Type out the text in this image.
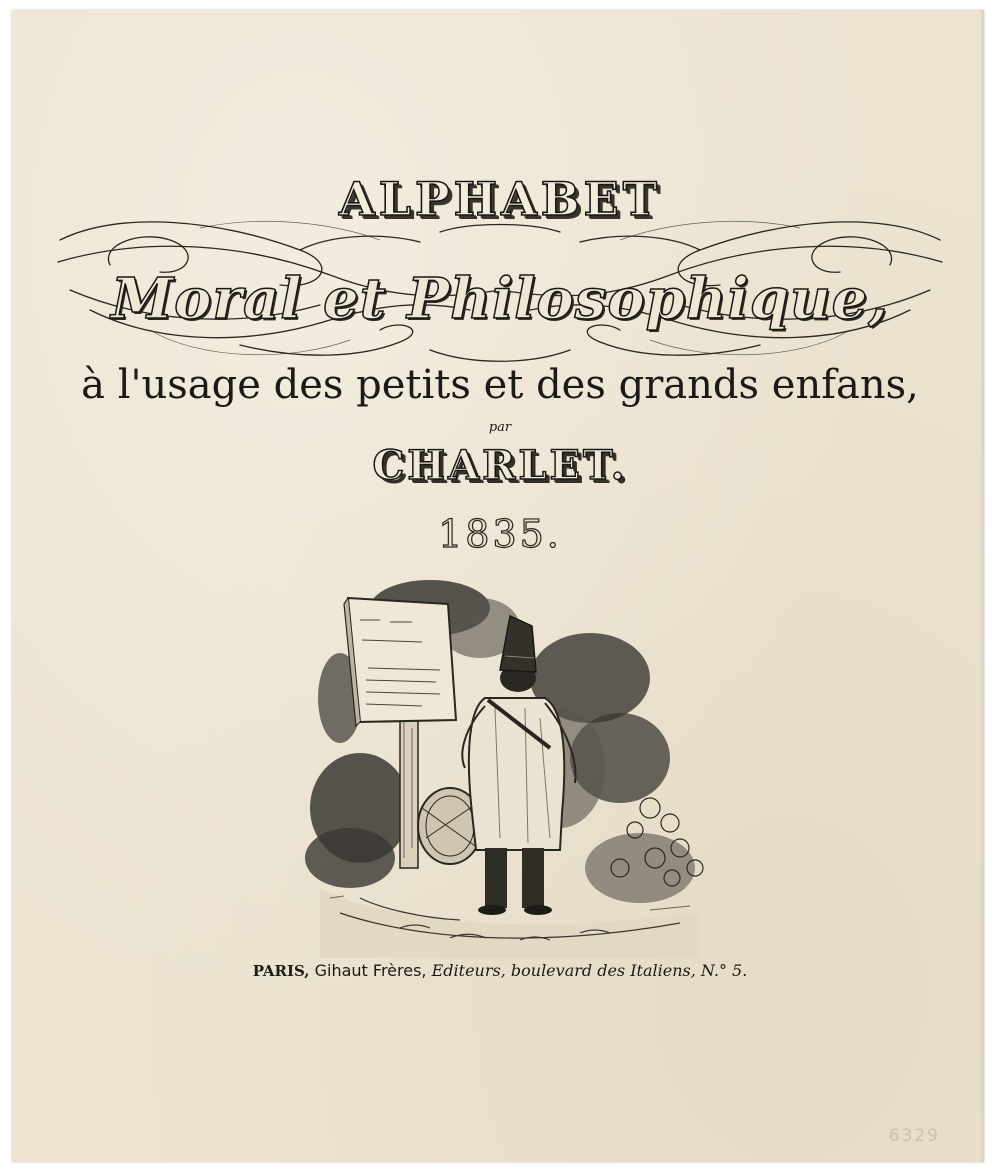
ALPHABET
Moral et Philosophique,
à l'usage des petits et des grands enfans,
par
CHARLET.
1835.
PARIS, Gihaut Frères, Editeurs, boulevard des Italiens, N.° 5.
6329
